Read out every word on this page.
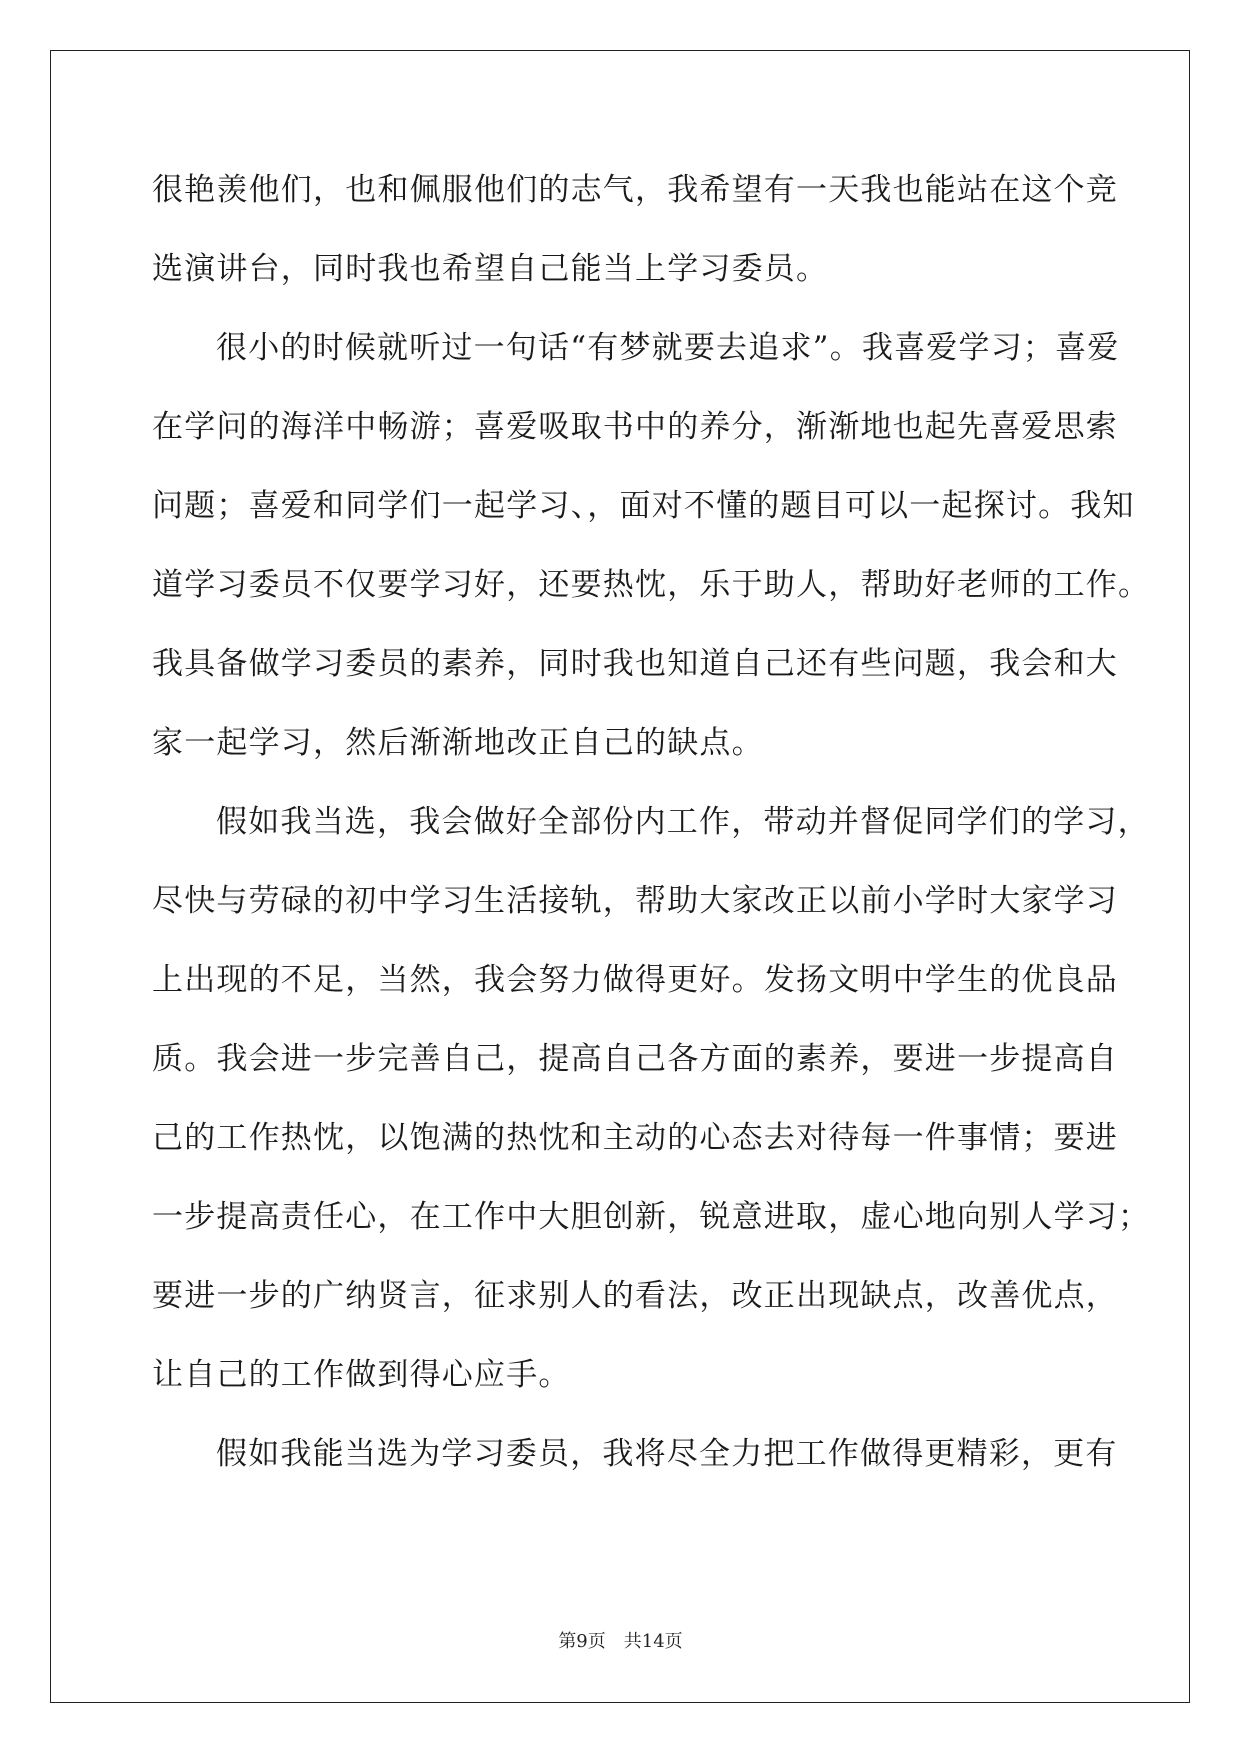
很艳羡他们，也和佩服他们的志气，我希望有一天我也能站在这个竞
选演讲台，同时我也希望自己能当上学习委员。
很小的时候就听过一句话“有梦就要去追求”。我喜爱学习；喜爱
在学问的海洋中畅游；喜爱吸取书中的养分，渐渐地也起先喜爱思索
问题；喜爱和同学们一起学习、，面对不懂的题目可以一起探讨。我知
道学习委员不仅要学习好，还要热忱，乐于助人，帮助好老师的工作。
我具备做学习委员的素养，同时我也知道自己还有些问题，我会和大
家一起学习，然后渐渐地改正自己的缺点。
假如我当选，我会做好全部份内工作，带动并督促同学们的学习，
尽快与劳碌的初中学习生活接轨，帮助大家改正以前小学时大家学习
上出现的不足，当然，我会努力做得更好。发扬文明中学生的优良品
质。我会进一步完善自己，提高自己各方面的素养，要进一步提高自
己的工作热忱，以饱满的热忱和主动的心态去对待每一件事情；要进
一步提高责任心，在工作中大胆创新，锐意进取，虚心地向别人学习；
要进一步的广纳贤言，征求别人的看法，改正出现缺点，改善优点，
让自己的工作做到得心应手。
假如我能当选为学习委员，我将尽全力把工作做得更精彩，更有
第9页 共14页
